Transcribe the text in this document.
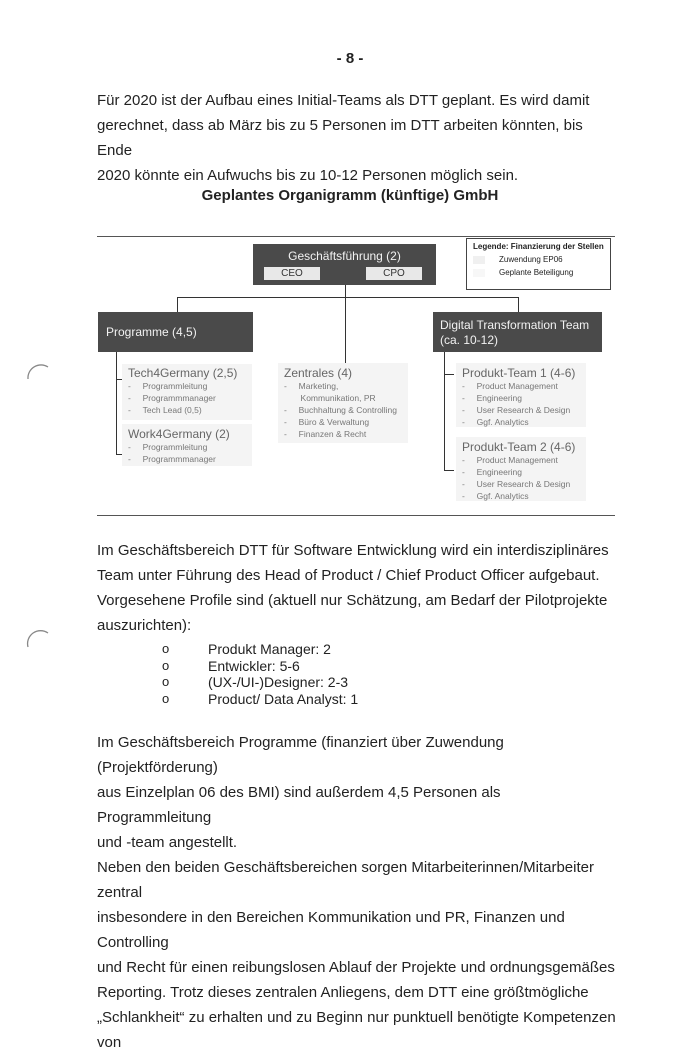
- 8 -
Für 2020 ist der Aufbau eines Initial-Teams als DTT geplant. Es wird damit
gerechnet, dass ab März bis zu 5 Personen im DTT arbeiten könnten, bis Ende
2020 könnte ein Aufwuchs bis zu 10-12 Personen möglich sein.
Geplantes Organigramm (künftige) GmbH
Geschäftsführung (2)
CEO	CPO
Legende: Finanzierung der Stellen
Zuwendung EP06
Geplante Beteiligung
Programme (4,5)	Digital Transformation Team
(ca. 10-12)
Tech4Germany (2,5)
-     Programmleitung
-     Programmmanager
-     Tech Lead (0,5)
Work4Germany (2)
-     Programmleitung
-     Programmmanager
Zentrales (4)
-     Marketing,
Kommunikation, PR
-     Buchhaltung & Controlling
-     Büro & Verwaltung
-     Finanzen & Recht
Produkt-Team 1 (4-6)
-     Product Management
-     Engineering
-     User Research & Design
-     Ggf. Analytics
Produkt-Team 2 (4-6)
-     Product Management
-     Engineering
-     User Research & Design
-     Ggf. Analytics
Im Geschäftsbereich DTT für Software Entwicklung wird ein interdisziplinäres
Team unter Führung des Head of Product / Chief Product Officer aufgebaut.
Vorgesehene Profile sind (aktuell nur Schätzung, am Bedarf der Pilotprojekte
auszurichten):
o Produkt Manager: 2
o Entwickler: 5-6
o (UX-/UI-)Designer: 2-3
o Product/ Data Analyst: 1
Im Geschäftsbereich Programme (finanziert über Zuwendung (Projektförderung)
aus Einzelplan 06 des BMI) sind außerdem 4,5 Personen als Programmleitung
und -team angestellt.
Neben den beiden Geschäftsbereichen sorgen Mitarbeiterinnen/Mitarbeiter zentral
insbesondere in den Bereichen Kommunikation und PR, Finanzen und Controlling
und Recht für einen reibungslosen Ablauf der Projekte und ordnungsgemäßes
Reporting. Trotz dieses zentralen Anliegens, dem DTT eine größtmögliche
„Schlankheit“ zu erhalten und zu Beginn nur punktuell benötigte Kompetenzen von
